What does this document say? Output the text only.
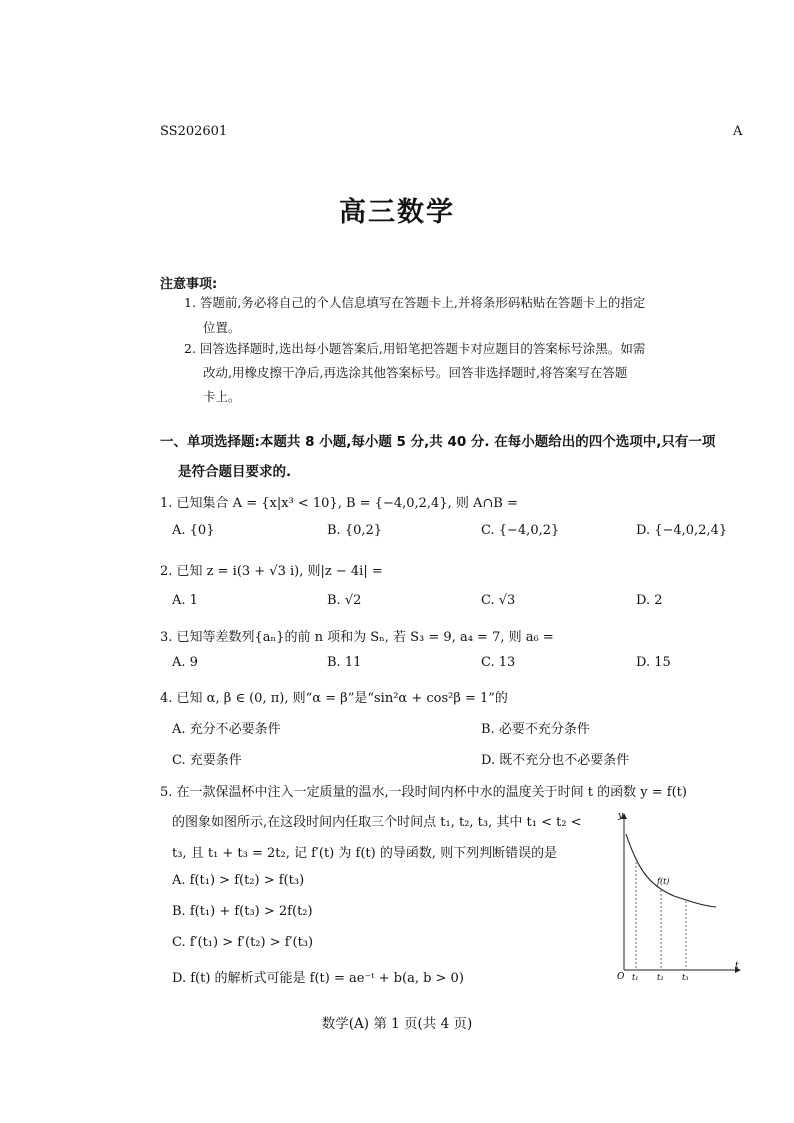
SS202601	A
高三数学
注意事项:
1. 答题前,务必将自己的个人信息填写在答题卡上,并将条形码粘贴在答题卡上的指定
位置。
2. 回答选择题时,选出每小题答案后,用铅笔把答题卡对应题目的答案标号涂黑。如需
改动,用橡皮擦干净后,再选涂其他答案标号。回答非选择题时,将答案写在答题
卡上。
一、单项选择题:本题共 8 小题,每小题 5 分,共 40 分. 在每小题给出的四个选项中,只有一项
是符合题目要求的.
1. 已知集合 A = {x|x³ < 10}, B = {−4,0,2,4}, 则 A∩B =
A. {0}	B. {0,2}	C. {−4,0,2}	D. {−4,0,2,4}
2. 已知 z = i(3 + √3 i), 则|z − 4i| =
A. 1	B. √2	C. √3	D. 2
3. 已知等差数列{aₙ}的前 n 项和为 Sₙ, 若 S₃ = 9, a₄ = 7, 则 a₆ =
A. 9	B. 11	C. 13	D. 15
4. 已知 α, β ∈ (0, π), 则“α = β”是“sin²α + cos²β = 1”的
A. 充分不必要条件	B. 必要不充分条件
C. 充要条件	D. 既不充分也不必要条件
5. 在一款保温杯中注入一定质量的温水,一段时间内杯中水的温度关于时间 t 的函数 y = f(t)
的图象如图所示,在这段时间内任取三个时间点 t₁, t₂, t₃, 其中 t₁ < t₂ <
t₃, 且 t₁ + t₃ = 2t₂, 记 f′(t) 为 f(t) 的导函数, 则下列判断错误的是
A. f(t₁) > f(t₂) > f(t₃)
B. f(t₁) + f(t₃) > 2f(t₂)
C. f′(t₁) > f′(t₂) > f′(t₃)
D. f(t) 的解析式可能是 f(t) = ae⁻ᵗ + b(a, b > 0)
y
t
O
f(t)
t₁ t₂ t₃
数学(A) 第 1 页(共 4 页)
